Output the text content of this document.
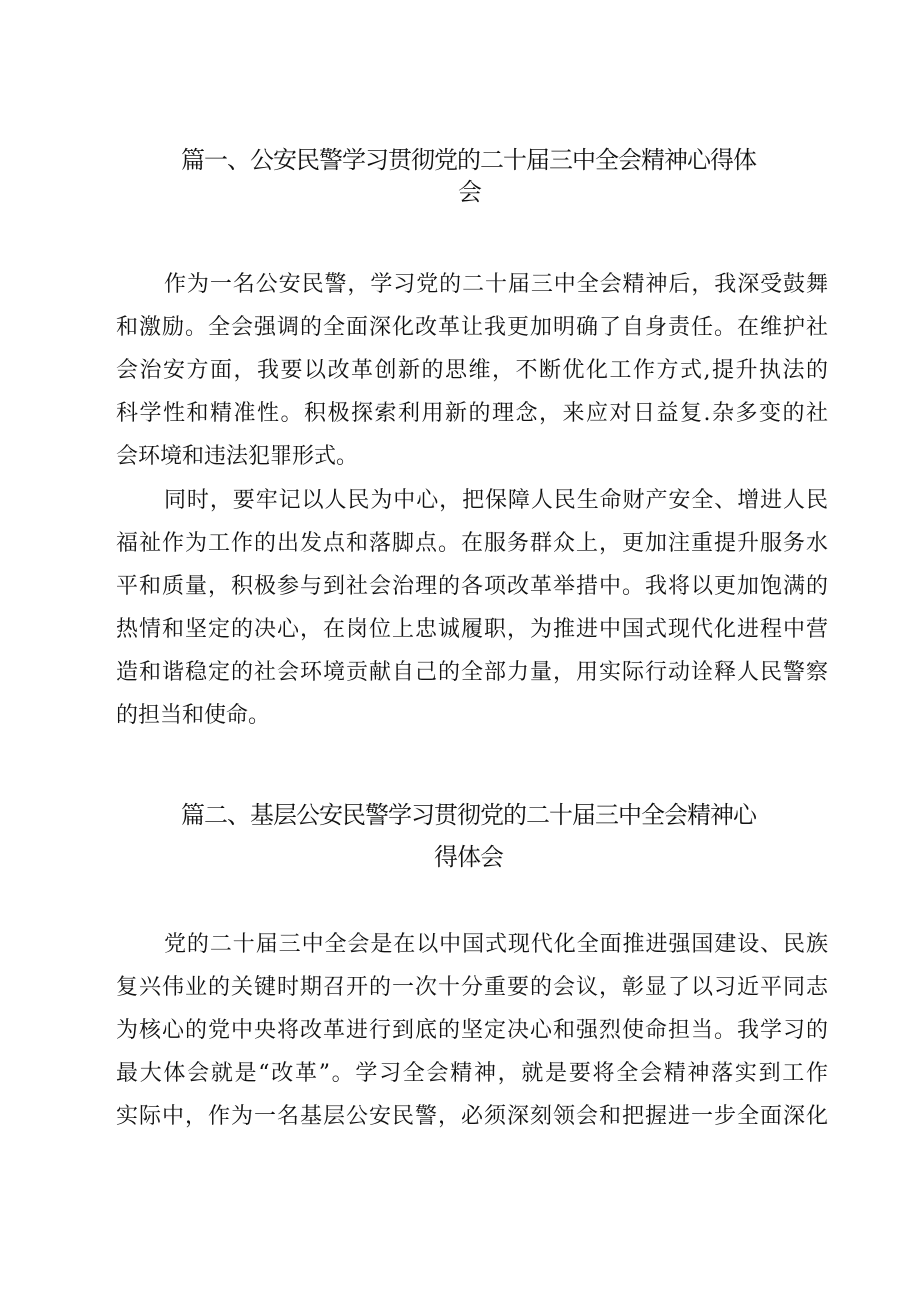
篇一、公安民警学习贯彻党的二十届三中全会精神心得体
会
作为一名公安民警，学习党的二十届三中全会精神后，我深受鼓舞
和激励。全会强调的全面深化改革让我更加明确了自身责任。在维护社
会治安方面，我要以改革创新的思维，不断优化工作方式,提升执法的
科学性和精准性。积极探索利用新的理念，来应对日益复.杂多变的社
会环境和违法犯罪形式。
同时，要牢记以人民为中心，把保障人民生命财产安全、增进人民
福祉作为工作的出发点和落脚点。在服务群众上，更加注重提升服务水
平和质量，积极参与到社会治理的各项改革举措中。我将以更加饱满的
热情和坚定的决心，在岗位上忠诚履职，为推进中国式现代化进程中营
造和谐稳定的社会环境贡献自己的全部力量，用实际行动诠释人民警察
的担当和使命。
篇二、基层公安民警学习贯彻党的二十届三中全会精神心
得体会
党的二十届三中全会是在以中国式现代化全面推进强国建设、民族
复兴伟业的关键时期召开的一次十分重要的会议，彰显了以习近平同志
为核心的党中央将改革进行到底的坚定决心和强烈使命担当。我学习的
最大体会就是“改革”。学习全会精神，就是要将全会精神落实到工作
实际中，作为一名基层公安民警，必须深刻领会和把握进一步全面深化
